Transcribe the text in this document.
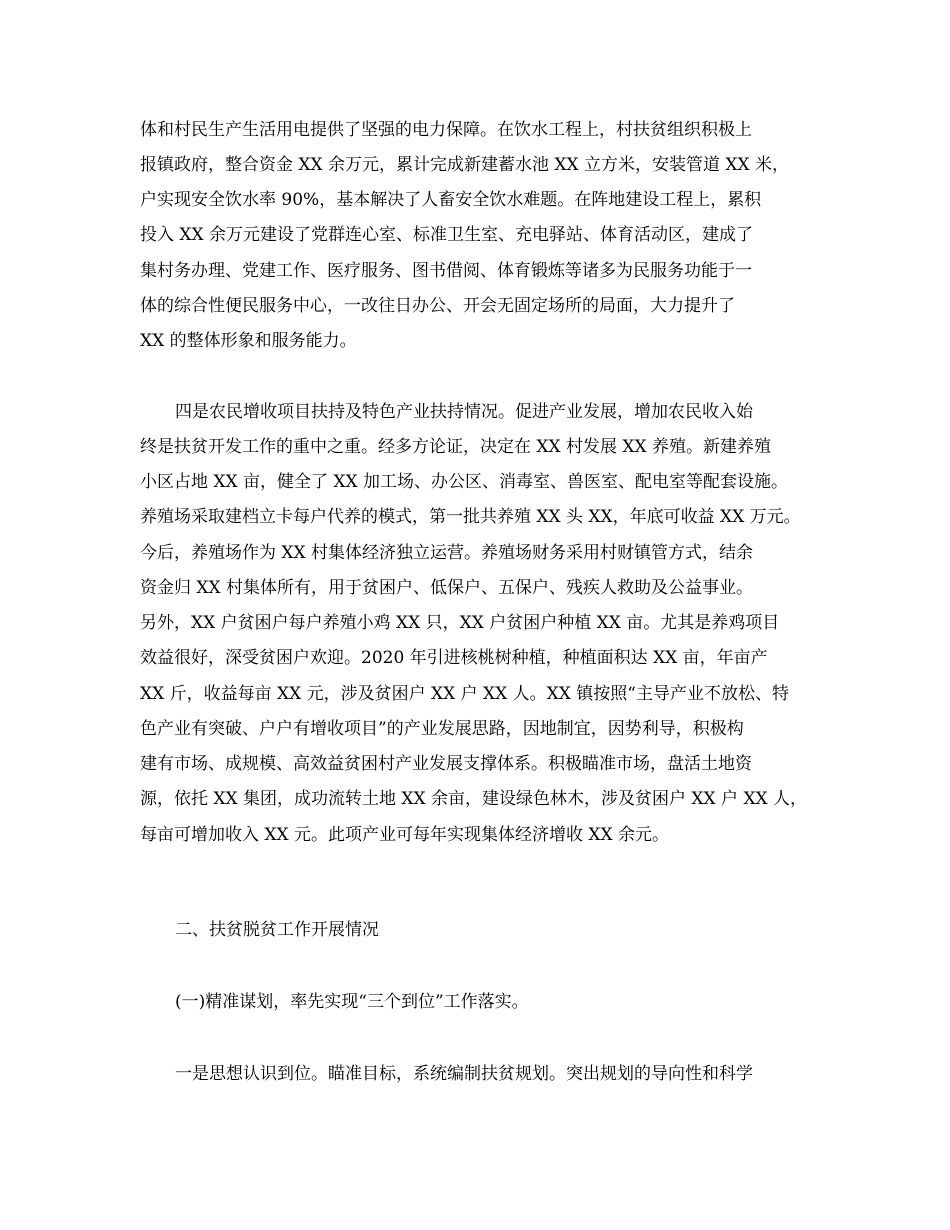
体和村民生产生活用电提供了坚强的电力保障。在饮水工程上，村扶贫组织积极上
报镇政府，整合资金 XX 余万元，累计完成新建蓄水池 XX 立方米，安装管道 XX 米，
户实现安全饮水率 90%，基本解决了人畜安全饮水难题。在阵地建设工程上，累积
投入 XX 余万元建设了党群连心室、标准卫生室、充电驿站、体育活动区，建成了
集村务办理、党建工作、医疗服务、图书借阅、体育锻炼等诸多为民服务功能于一
体的综合性便民服务中心，一改往日办公、开会无固定场所的局面，大力提升了
XX 的整体形象和服务能力。
四是农民增收项目扶持及特色产业扶持情况。促进产业发展，增加农民收入始
终是扶贫开发工作的重中之重。经多方论证，决定在 XX 村发展 XX 养殖。新建养殖
小区占地 XX 亩，健全了 XX 加工场、办公区、消毒室、兽医室、配电室等配套设施。
养殖场采取建档立卡每户代养的模式，第一批共养殖 XX 头 XX，年底可收益 XX 万元。
今后，养殖场作为 XX 村集体经济独立运营。养殖场财务采用村财镇管方式，结余
资金归 XX 村集体所有，用于贫困户、低保户、五保户、残疾人救助及公益事业。
另外，XX 户贫困户每户养殖小鸡 XX 只，XX 户贫困户种植 XX 亩。尤其是养鸡项目
效益很好，深受贫困户欢迎。2020 年引进核桃树种植，种植面积达 XX 亩，年亩产
XX 斤，收益每亩 XX 元，涉及贫困户 XX 户 XX 人。XX 镇按照“主导产业不放松、特
色产业有突破、户户有增收项目”的产业发展思路，因地制宜，因势利导，积极构
建有市场、成规模、高效益贫困村产业发展支撑体系。积极瞄准市场，盘活土地资
源，依托 XX 集团，成功流转土地 XX 余亩，建设绿色林木，涉及贫困户 XX 户 XX 人，
每亩可增加收入 XX 元。此项产业可每年实现集体经济增收 XX 余元。
二、扶贫脱贫工作开展情况
(一)精准谋划，率先实现“三个到位”工作落实。
一是思想认识到位。瞄准目标，系统编制扶贫规划。突出规划的导向性和科学
